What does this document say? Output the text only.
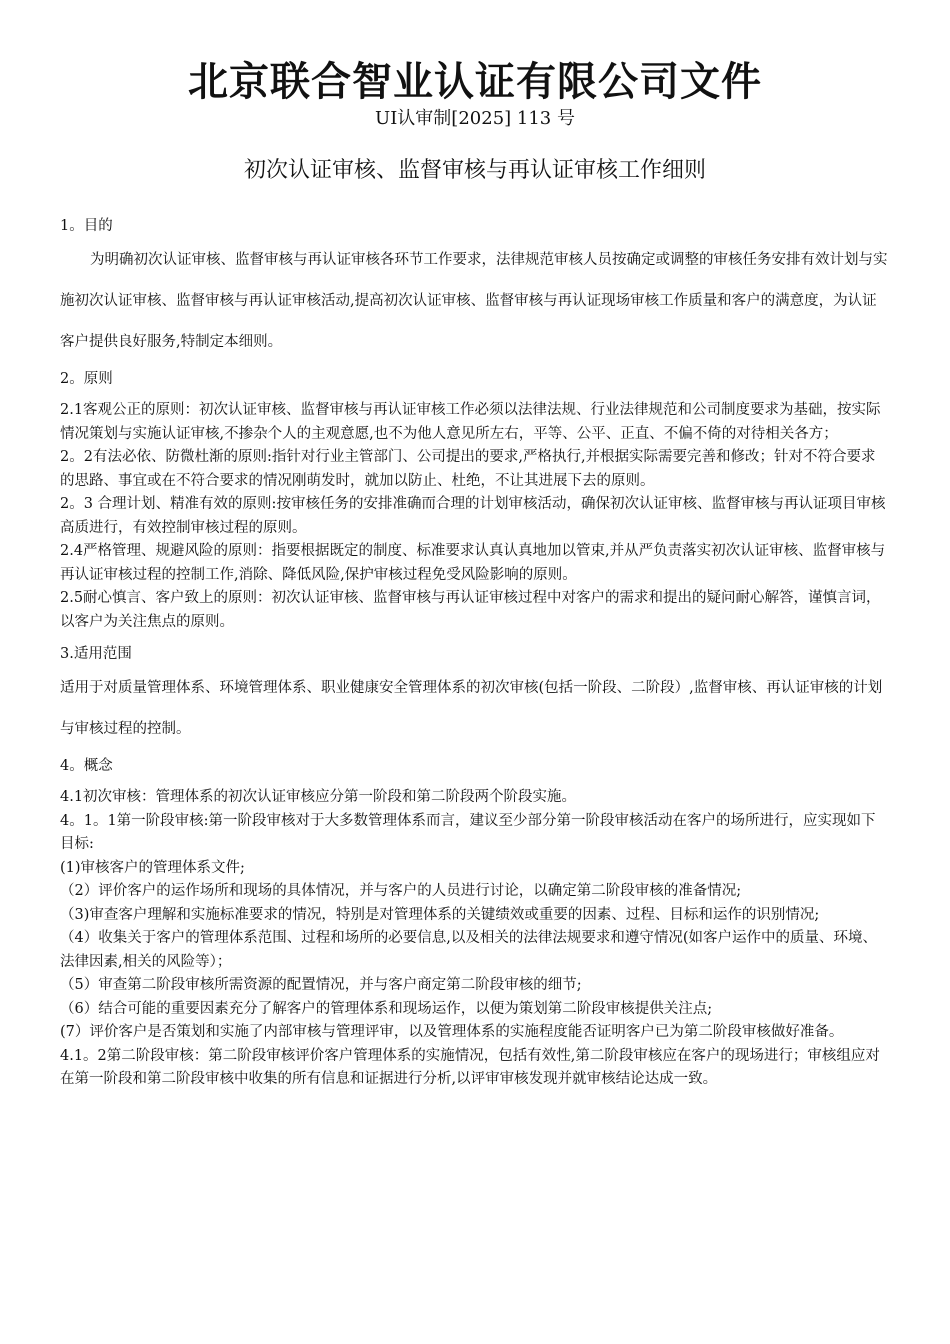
北京联合智业认证有限公司文件
UI认审制[2025] 113 号
初次认证审核、监督审核与再认证审核工作细则
1。目的

为明确初次认证审核、监督审核与再认证审核各环节工作要求，法律规范审核人员按确定或调整的审核任务安排有效计划与实施初次认证审核、监督审核与再认证审核活动,提高初次认证审核、监督审核与再认证现场审核工作质量和客户的满意度，为认证客户提供良好服务,特制定本细则。

2。原则

2.1客观公正的原则：初次认证审核、监督审核与再认证审核工作必须以法律法规、行业法律规范和公司制度要求为基础，按实际情况策划与实施认证审核,不掺杂个人的主观意愿,也不为他人意见所左右，平等、公平、正直、不偏不倚的对待相关各方；

2。2有法必依、防微杜渐的原则:指针对行业主管部门、公司提出的要求,严格执行,并根据实际需要完善和修改；针对不符合要求的思路、事宜或在不符合要求的情况刚萌发时，就加以防止、杜绝，不让其进展下去的原则。

2。3 合理计划、精准有效的原则:按审核任务的安排准确而合理的计划审核活动，确保初次认证审核、监督审核与再认证项目审核高质进行，有效控制审核过程的原则。

2.4严格管理、规避风险的原则：指要根据既定的制度、标准要求认真认真地加以管束,并从严负责落实初次认证审核、监督审核与再认证审核过程的控制工作,消除、降低风险,保护审核过程免受风险影响的原则。

2.5耐心慎言、客户致上的原则：初次认证审核、监督审核与再认证审核过程中对客户的需求和提出的疑问耐心解答，谨慎言词，以客户为关注焦点的原则。

3.适用范围

适用于对质量管理体系、环境管理体系、职业健康安全管理体系的初次审核(包括一阶段、二阶段）,监督审核、再认证审核的计划与审核过程的控制。

4。概念

4.1初次审核：管理体系的初次认证审核应分第一阶段和第二阶段两个阶段实施。

4。1。1第一阶段审核:第一阶段审核对于大多数管理体系而言，建议至少部分第一阶段审核活动在客户的场所进行，应实现如下目标:

(1)审核客户的管理体系文件;

（2）评价客户的运作场所和现场的具体情况，并与客户的人员进行讨论，以确定第二阶段审核的准备情况;

（3)审查客户理解和实施标准要求的情况，特别是对管理体系的关键绩效或重要的因素、过程、目标和运作的识别情况;

（4）收集关于客户的管理体系范围、过程和场所的必要信息,以及相关的法律法规要求和遵守情况(如客户运作中的质量、环境、法律因素,相关的风险等）；

（5）审查第二阶段审核所需资源的配置情况，并与客户商定第二阶段审核的细节;

（6）结合可能的重要因素充分了解客户的管理体系和现场运作，以便为策划第二阶段审核提供关注点;

(7）评价客户是否策划和实施了内部审核与管理评审，以及管理体系的实施程度能否证明客户已为第二阶段审核做好准备。

4.1。2第二阶段审核：第二阶段审核评价客户管理体系的实施情况，包括有效性,第二阶段审核应在客户的现场进行；审核组应对在第一阶段和第二阶段审核中收集的所有信息和证据进行分析,以评审审核发现并就审核结论达成一致。
